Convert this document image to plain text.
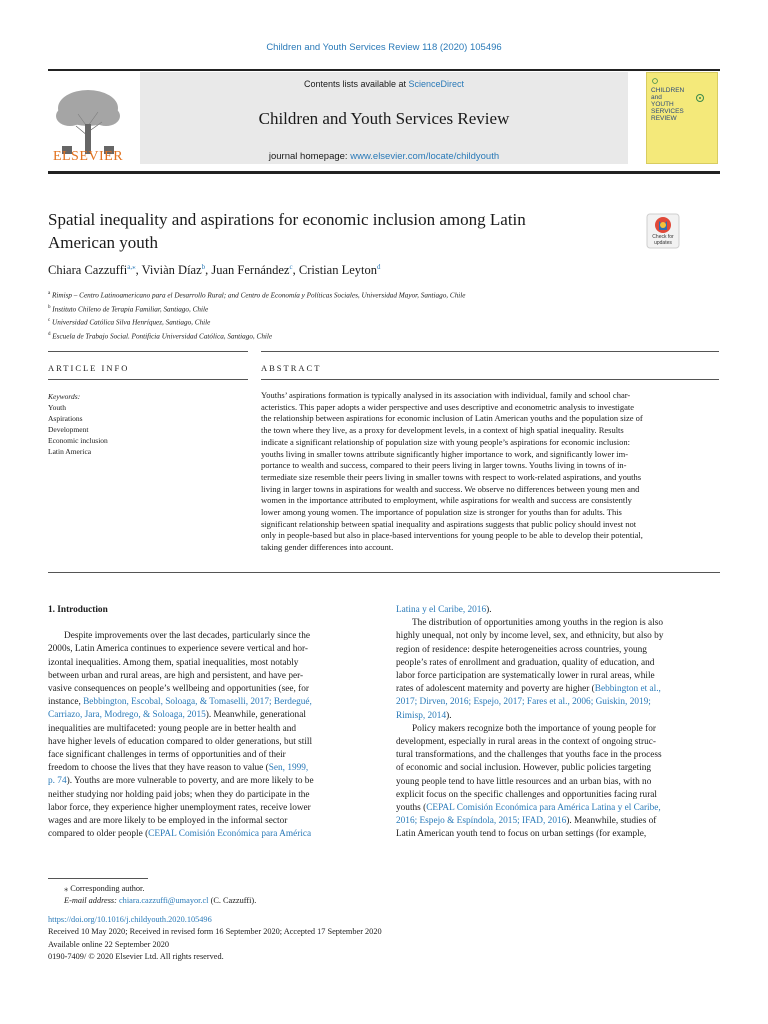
Children and Youth Services Review 118 (2020) 105496
ELSEVIER
Contents lists available at ScienceDirect
Children and Youth Services Review
journal homepage: www.elsevier.com/locate/childyouth
CHILDREN
and
YOUTH
SERVICES
REVIEW
Spatial inequality and aspirations for economic inclusion among Latin
American youth	Check for
updates
Chiara Cazzuffi$^{a,⁎}$, Viviàn Díaz$^b$, Juan Fernández$^c$, Cristian Leyton$^d$
$^a$ Rimisp – Centro Latinoamericano para el Desarrollo Rural; and Centro de Economía y Políticas Sociales, Universidad Mayor, Santiago, Chile
$^b$ Instituto Chileno de Terapia Familiar, Santiago, Chile
$^c$ Universidad Católica Silva Henríquez, Santiago, Chile
$^d$ Escuela de Trabajo Social. Pontificia Universidad Católica, Santiago, Chile
ARTICLE INFO	ABSTRACT
Keywords:
Youth
Aspirations
Development
Economic inclusion
Latin America
Youths’ aspirations formation is typically analysed in its association with individual, family and school char-
acteristics. This paper adopts a wider perspective and uses descriptive and econometric analysis to investigate
the relationship between aspirations for economic inclusion of Latin American youths and the population size of
the town where they live, as a proxy for development levels, in a context of high spatial inequality. Results
indicate a significant relationship of population size with young people’s aspirations for economic inclusion:
youths living in smaller towns attribute significantly higher importance to work, and significantly lower im-
portance to wealth and success, compared to their peers living in larger towns. Youths living in towns of in-
termediate size resemble their peers living in smaller towns with respect to work-related aspirations, and youths
living in larger towns in aspirations for wealth and success. We observe no differences between young men and
women in the importance attributed to employment, while aspirations for wealth and success are consistently
lower among young women. The importance of population size is stronger for youths than for adults. This
significant relationship between spatial inequality and aspirations suggests that public policy should invest not
only in people-based but also in place-based interventions for young people to be able to develop their potential,
taking gender differences into account.

1. Introduction

Despite improvements over the last decades, particularly since the

2000s, Latin America continues to experience severe vertical and hor-

izontal inequalities. Among them, spatial inequalities, most notably

between urban and rural areas, are high and persistent, and have per-

vasive consequences on people’s wellbeing and opportunities (see, for

instance, Bebbington, Escobal, Soloaga, & Tomaselli, 2017; Berdegué,

Carriazo, Jara, Modrego, & Soloaga, 2015). Meanwhile, generational

inequalities are multifaceted: young people are in better health and

have higher levels of education compared to older generations, but still

face significant challenges in terms of opportunities and of their

freedom to choose the lives that they have reason to value (Sen, 1999,

p. 74). Youths are more vulnerable to poverty, and are more likely to be

neither studying nor holding paid jobs; when they do participate in the

labor force, they experience higher unemployment rates, receive lower

wages and are more likely to be employed in the informal sector

compared to older people (CEPAL Comisión Económica para América

Latina y el Caribe, 2016).

The distribution of opportunities among youths in the region is also

highly unequal, not only by income level, sex, and ethnicity, but also by

region of residence: despite heterogeneities across countries, young

people’s rates of enrollment and graduation, quality of education, and

labor force participation are systematically lower in rural areas, while

rates of adolescent maternity and poverty are higher (Bebbington et al.,

2017; Dirven, 2016; Espejo, 2017; Fares et al., 2006; Guiskin, 2019;

Rimisp, 2014).

Policy makers recognize both the importance of young people for

development, especially in rural areas in the context of ongoing struc-

tural transformations, and the challenges that youths face in the process

of economic and social inclusion. However, public policies targeting

young people tend to have little resources and an urban bias, with no

explicit focus on the specific challenges and opportunities facing rural

youths (CEPAL Comisión Económica para América Latina y el Caribe,

2016; Espejo & Espíndola, 2015; IFAD, 2016). Meanwhile, studies of

Latin American youth tend to focus on urban settings (for example,

⁎ Corresponding author.
E-mail address: chiara.cazzuffi@umayor.cl (C. Cazzuffi).
https://doi.org/10.1016/j.childyouth.2020.105496
Received 10 May 2020; Received in revised form 16 September 2020; Accepted 17 September 2020
Available online 22 September 2020
0190-7409/ © 2020 Elsevier Ltd. All rights reserved.
